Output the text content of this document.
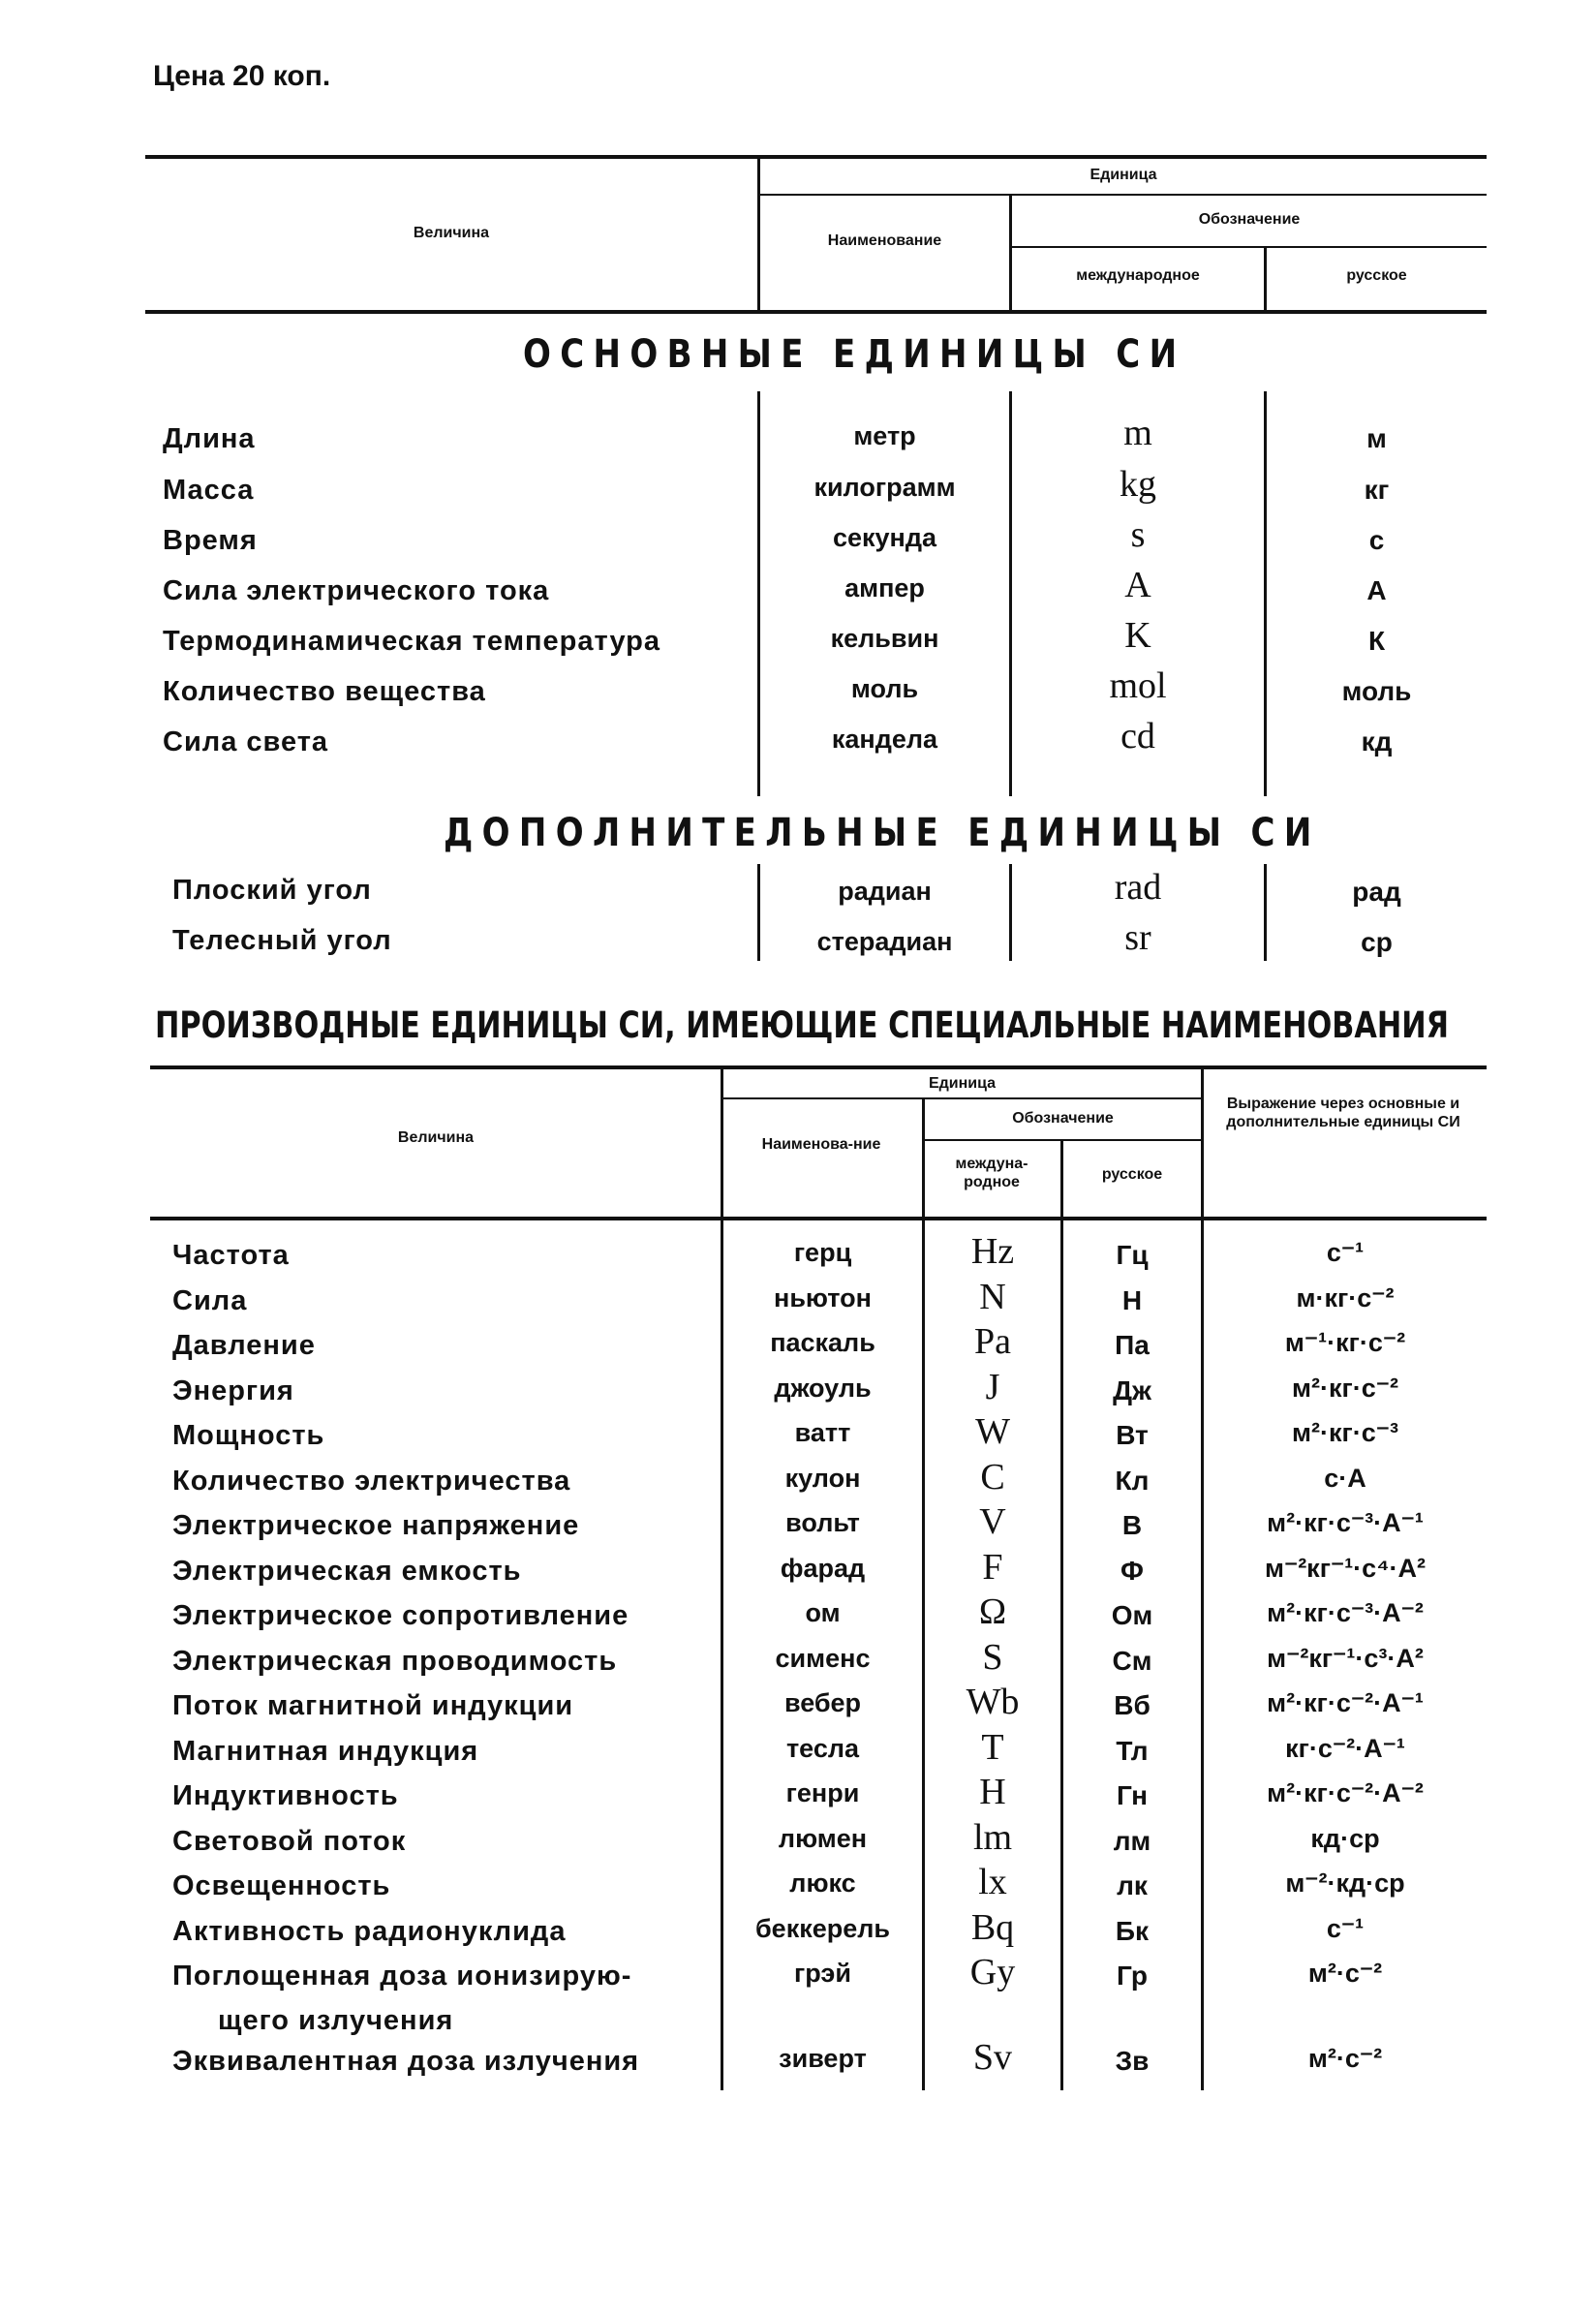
Цена 20 коп.
Величина
Единица
Наименование
Обозначение
международное	русское
ОСНОВНЫЕ ЕДИНИЦЫ СИ
Длина	метр	m	м
Масса	килограмм	kg	кг
Время	секунда	s	с
Сила электрического тока	ампер	A	А
Термодинамическая температура	кельвин	K	К
Количество вещества	моль	mol	моль
Сила света	кандела	cd	кд
ДОПОЛНИТЕЛЬНЫЕ ЕДИНИЦЫ СИ
Плоский угол	радиан	rad	рад
Телесный угол	стерадиан	sr	ср
ПРОИЗВОДНЫЕ ЕДИНИЦЫ СИ, ИМЕЮЩИЕ СПЕЦИАЛЬНЫЕ НАИМЕНОВАНИЯ
Величина
Единица
Наименова-ние
Обозначение
междуна-родное	русское
Выражение через основные и дополнительные единицы СИ
Частота	герц	Hz	Гц	с⁻¹
Сила	ньютон	N	Н	м·кг·с⁻²
Давление	паскаль	Pa	Па	м⁻¹·кг·с⁻²
Энергия	джоуль	J	Дж	м²·кг·с⁻²
Мощность	ватт	W	Вт	м²·кг·с⁻³
Количество электричества	кулон	C	Кл	с·А
Электрическое напряжение	вольт	V	В	м²·кг·с⁻³·А⁻¹
Электрическая емкость	фарад	F	Ф	м⁻²кг⁻¹·с⁴·А²
Электрическое сопротивление	ом	Ω	Ом	м²·кг·с⁻³·А⁻²
Электрическая проводимость	сименс	S	См	м⁻²кг⁻¹·с³·А²
Поток магнитной индукции	вебер	Wb	Вб	м²·кг·с⁻²·А⁻¹
Магнитная индукция	тесла	T	Тл	кг·с⁻²·А⁻¹
Индуктивность	генри	H	Гн	м²·кг·с⁻²·А⁻²
Световой поток	люмен	lm	лм	кд·ср
Освещенность	люкс	lx	лк	м⁻²·кд·ср
Активность радионуклида	беккерель	Bq	Бк	с⁻¹
Поглощенная доза ионизирую-
щего излучения
грэй	Gy	Гр	м²·с⁻²
Эквивалентная доза излучения	зиверт	Sv	Зв	м²·с⁻²
